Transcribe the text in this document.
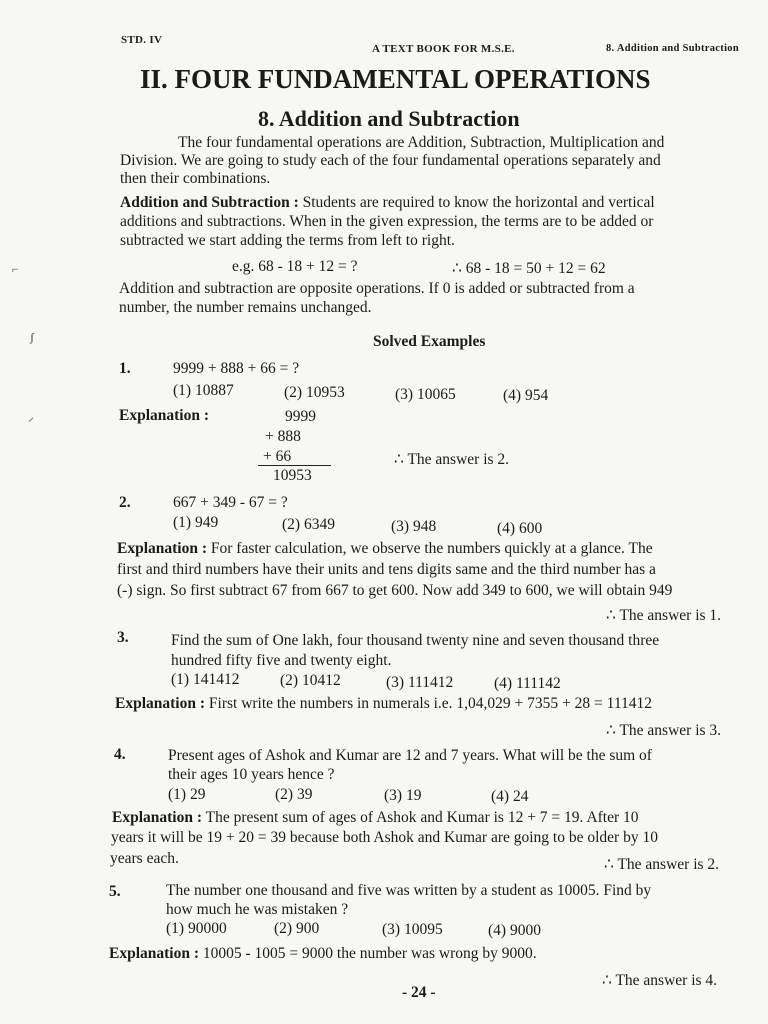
STD. IV
A TEXT BOOK FOR M.S.E.	8. Addition and Subtraction
II. FOUR FUNDAMENTAL OPERATIONS
8. Addition and Subtraction
The four fundamental operations are Addition, Subtraction, Multiplication and
Division. We are going to study each of the four fundamental operations separately and
then their combinations.
Addition and Subtraction : Students are required to know the horizontal and vertical
additions and subtractions. When in the given expression, the terms are to be added or
subtracted we start adding the terms from left to right.
e.g. 68 - 18 + 12 = ?	∴ 68 - 18 = 50 + 12 = 62
Addition and subtraction are opposite operations. If 0 is added or subtracted from a
number, the number remains unchanged.
Solved Examples
1.	9999 + 888 + 66 = ?
(1) 10887	(2) 10953	(3) 10065	(4) 954
Explanation :	9999
+ 888
+ 66
10953
∴ The answer is 2.
2.	667 + 349 - 67 = ?
(1) 949	(2) 6349	(3) 948	(4) 600
Explanation : For faster calculation, we observe the numbers quickly at a glance. The
first and third numbers have their units and tens digits same and the third number has a
(-) sign. So first subtract 67 from 667 to get 600. Now add 349 to 600, we will obtain 949
∴ The answer is 1.
3.	Find the sum of One lakh, four thousand twenty nine and seven thousand three
hundred fifty five and twenty eight.
(1) 141412	(2) 10412	(3) 111412	(4) 111142
Explanation : First write the numbers in numerals i.e. 1,04,029 + 7355 + 28 = 111412
∴ The answer is 3.
4.	Present ages of Ashok and Kumar are 12 and 7 years. What will be the sum of
their ages 10 years hence ?
(1) 29	(2) 39	(3) 19	(4) 24
Explanation : The present sum of ages of Ashok and Kumar is 12 + 7 = 19. After 10
years it will be 19 + 20 = 39 because both Ashok and Kumar are going to be older by 10
years each.	∴ The answer is 2.
5.	The number one thousand and five was written by a student as 10005. Find by
how much he was mistaken ?
(1) 90000	(2) 900	(3) 10095	(4) 9000
Explanation : 10005 - 1005 = 9000 the number was wrong by 9000.
∴ The answer is 4.
- 24 -
⌐
ʃ
⸝
